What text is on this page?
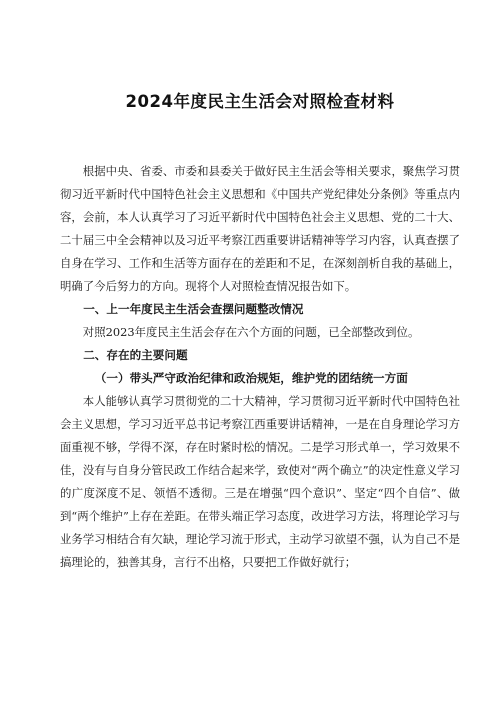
2024年度民主生活会对照检查材料

根据中央、省委、市委和县委关于做好民主生活会等相关要求，聚焦学习贯彻习近平新时代中国特色社会主义思想和《中国共产党纪律处分条例》等重点内容，会前，本人认真学习了习近平新时代中国特色社会主义思想、党的二十大、二十届三中全会精神以及习近平考察江西重要讲话精神等学习内容，认真查摆了自身在学习、工作和生活等方面存在的差距和不足，在深刻剖析自我的基础上，明确了今后努力的方向。现将个人对照检查情况报告如下。

一、上一年度民主生活会查摆问题整改情况

对照2023年度民主生活会存在六个方面的问题，已全部整改到位。

二、存在的主要问题

（一）带头严守政治纪律和政治规矩，维护党的团结统一方面

本人能够认真学习贯彻党的二十大精神，学习贯彻习近平新时代中国特色社会主义思想，学习习近平总书记考察江西重要讲话精神，一是在自身理论学习方面重视不够，学得不深，存在时紧时松的情况。二是学习形式单一，学习效果不佳，没有与自身分管民政工作结合起来学，致使对“两个确立”的决定性意义学习的广度深度不足、领悟不透彻。三是在增强“四个意识”、坚定“四个自信”、做到“两个维护”上存在差距。在带头端正学习态度，改进学习方法，将理论学习与业务学习相结合有欠缺，理论学习流于形式，主动学习欲望不强，认为自己不是搞理论的，独善其身，言行不出格，只要把工作做好就行；
